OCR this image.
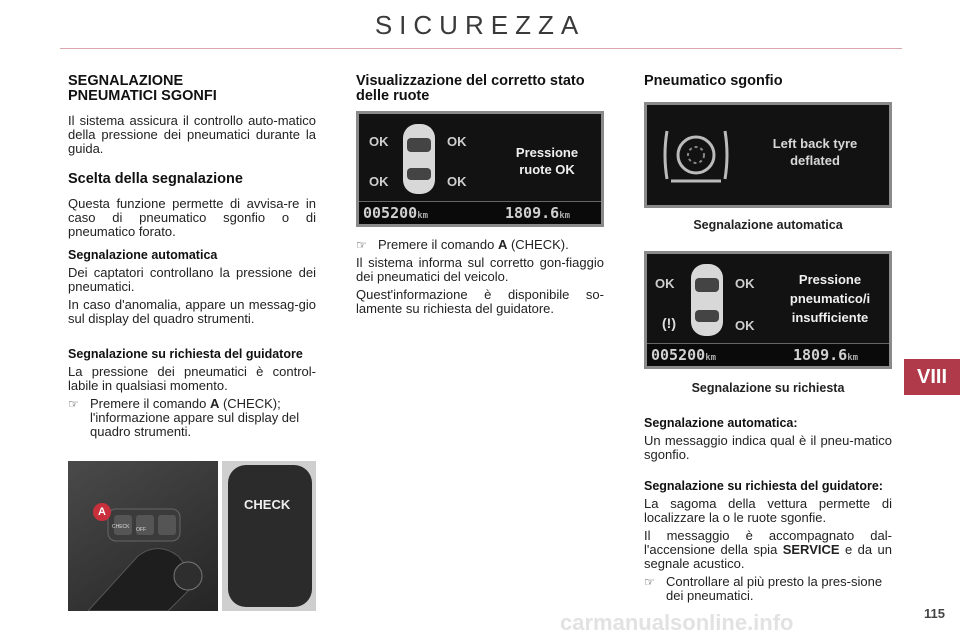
SICUREZZA
VIII
SEGNALAZIONE PNEUMATICI SGONFI

Il sistema assicura il controllo auto-matico della pressione dei pneumatici durante la guida.

Scelta della segnalazione

Questa funzione permette di avvisa-re in caso di pneumatico sgonfio o di pneumatico forato.

Segnalazione automatica

Dei captatori controllano la pressione dei pneumatici.

In caso d'anomalia, appare un messag-gio sul display del quadro strumenti.

Segnalazione su richiesta del guidatore

La pressione dei pneumatici è control-labile in qualsiasi momento.

☞ Premere il comando A (CHECK); l'informazione appare sul display del quadro strumenti.
A
CHECK OFF
CHECK
Visualizzazione del corretto stato delle ruote
OK	OK
OK	OK
Pressione
ruote OK
005200km	1809.6km
☞ Premere il comando A (CHECK).

Il sistema informa sul corretto gon-fiaggio dei pneumatici del veicolo.

Quest'informazione è disponibile so-lamente su richiesta del guidatore.

Pneumatico sgonfio
Left back tyre
deflated

Segnalazione automatica

OK	OK
OK
(!)
Pressione
pneumatico/i
insufficiente
005200km	1809.6km

Segnalazione su richiesta

Segnalazione automatica:

Un messaggio indica qual è il pneu-matico sgonfio.

Segnalazione su richiesta del guidatore:

La sagoma della vettura permette di localizzare la o le ruote sgonfie.

Il messaggio è accompagnato dal-l'accensione della spia SERVICE e da un segnale acustico.

☞ Controllare al più presto la pres-sione dei pneumatici.
carmanualsonline.info	115
